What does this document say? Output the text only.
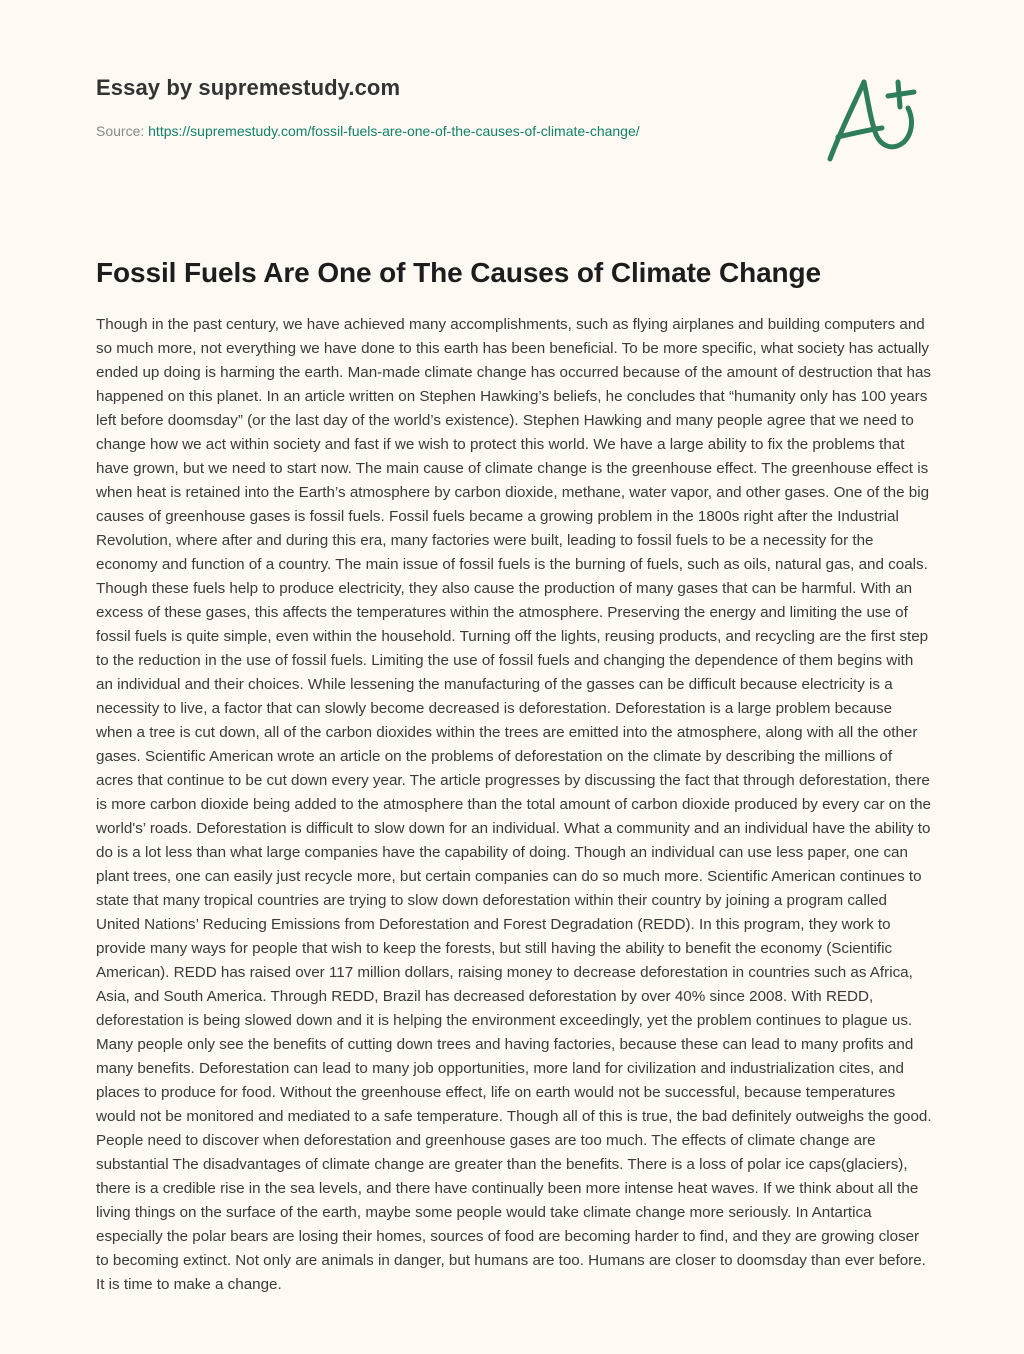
Essay by supremestudy.com
Source: https://supremestudy.com/fossil-fuels-are-one-of-the-causes-of-climate-change/
Fossil Fuels Are One of The Causes of Climate Change

Though in the past century, we have achieved many accomplishments, such as flying airplanes and building computers and so much more, not everything we have done to this earth has been beneficial. To be more specific, what society has actually ended up doing is harming the earth. Man-made climate change has occurred because of the amount of destruction that has happened on this planet. In an article written on Stephen Hawking’s beliefs, he concludes that “humanity only has 100 years left before doomsday” (or the last day of the world’s existence). Stephen Hawking and many people agree that we need to change how we act within society and fast if we wish to protect this world. We have a large ability to fix the problems that have grown, but we need to start now. The main cause of climate change is the greenhouse effect. The greenhouse effect is when heat is retained into the Earth’s atmosphere by carbon dioxide, methane, water vapor, and other gases. One of the big causes of greenhouse gases is fossil fuels. Fossil fuels became a growing problem in the 1800s right after the Industrial Revolution, where after and during this era, many factories were built, leading to fossil fuels to be a necessity for the economy and function of a country. The main issue of fossil fuels is the burning of fuels, such as oils, natural gas, and coals. Though these fuels help to produce electricity, they also cause the production of many gases that can be harmful. With an excess of these gases, this affects the temperatures within the atmosphere. Preserving the energy and limiting the use of fossil fuels is quite simple, even within the household. Turning off the lights, reusing products, and recycling are the first step to the reduction in the use of fossil fuels. Limiting the use of fossil fuels and changing the dependence of them begins with an individual and their choices. While lessening the manufacturing of the gasses can be difficult because electricity is a necessity to live, a factor that can slowly become decreased is deforestation. Deforestation is a large problem because when a tree is cut down, all of the carbon dioxides within the trees are emitted into the atmosphere, along with all the other gases. Scientific American wrote an article on the problems of deforestation on the climate by describing the millions of acres that continue to be cut down every year. The article progresses by discussing the fact that through deforestation, there is more carbon dioxide being added to the atmosphere than the total amount of carbon dioxide produced by every car on the world's’ roads. Deforestation is difficult to slow down for an individual. What a community and an individual have the ability to do is a lot less than what large companies have the capability of doing. Though an individual can use less paper, one can plant trees, one can easily just recycle more, but certain companies can do so much more. Scientific American continues to state that many tropical countries are trying to slow down deforestation within their country by joining a program called United Nations’ Reducing Emissions from Deforestation and Forest Degradation (REDD). In this program, they work to provide many ways for people that wish to keep the forests, but still having the ability to benefit the economy (Scientific American). REDD has raised over 117 million dollars, raising money to decrease deforestation in countries such as Africa, Asia, and South America. Through REDD, Brazil has decreased deforestation by over 40% since 2008. With REDD, deforestation is being slowed down and it is helping the environment exceedingly, yet the problem continues to plague us. Many people only see the benefits of cutting down trees and having factories, because these can lead to many profits and many benefits. Deforestation can lead to many job opportunities, more land for civilization and industrialization cites, and places to produce for food. Without the greenhouse effect, life on earth would not be successful, because temperatures would not be monitored and mediated to a safe temperature. Though all of this is true, the bad definitely outweighs the good. People need to discover when deforestation and greenhouse gases are too much. The effects of climate change are substantial The disadvantages of climate change are greater than the benefits. There is a loss of polar ice caps(glaciers), there is a credible rise in the sea levels, and there have continually been more intense heat waves. If we think about all the living things on the surface of the earth, maybe some people would take climate change more seriously. In Antartica especially the polar bears are losing their homes, sources of food are becoming harder to find, and they are growing closer to becoming extinct. Not only are animals in danger, but humans are too. Humans are closer to doomsday than ever before. It is time to make a change.
